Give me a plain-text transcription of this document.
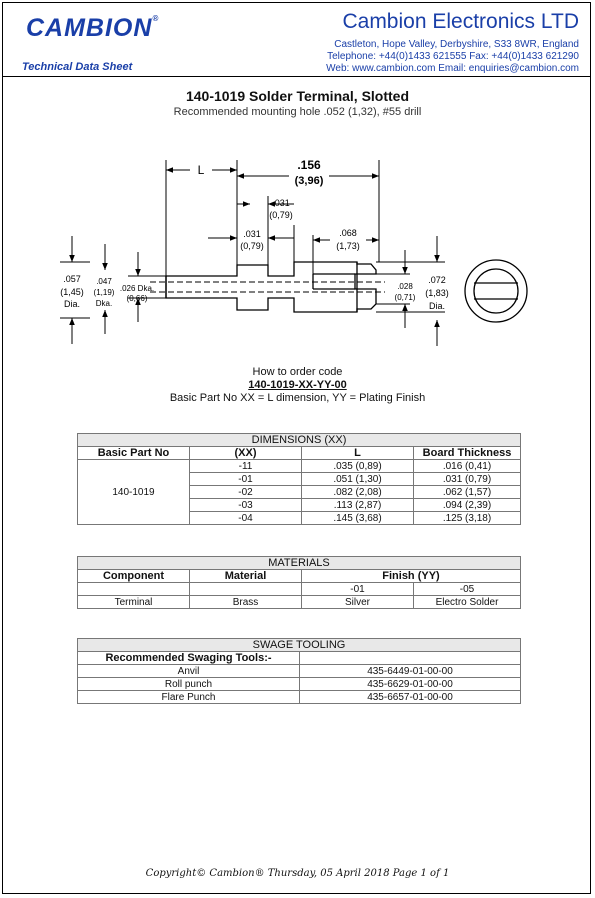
CAMBION®
Technical Data Sheet
Cambion Electronics LTD
Castleton, Hope Valley, Derbyshire, S33 8WR, England
Telephone: +44(0)1433 621555 Fax: +44(0)1433 621290
Web: www.cambion.com Email: enquiries@cambion.com
140-1019 Solder Terminal, Slotted
Recommended mounting hole .052 (1,32), #55 drill
L	.156
(3,96)
.031
(0,79)
.031
(0,79)
.068
(1,73)
.057
(1,45)
Dia.
.047
(1,19)
Dka.
.026 Dka.
(0,66)
.028
(0,71)
.072
(1,83)
Dia.
How to order code
140-1019-XX-YY-00
Basic Part No XX = L dimension, YY = Plating Finish
DIMENSIONS (XX)			
Basic Part No	(XX)	L	Board Thickness
140-1019	-11	.035 (0,89)	.016 (0,41)
	-01	.051 (1,30)	.031 (0,79)
	-02	.082 (2,08)	.062 (1,57)
	-03	.113 (2,87)	.094 (2,39)
	-04	.145 (3,68)	.125 (3,18)
MATERIALS			
Component	Material	Finish (YY)	
		-01	-05
Terminal	Brass	Silver	Electro Solder
SWAGE TOOLING	
Recommended Swaging Tools:-	
Anvil	435-6449-01-00-00
Roll punch	435-6629-01-00-00
Flare Punch	435-6657-01-00-00
Copyright© Cambion® Thursday, 05 April 2018 Page 1 of 1
